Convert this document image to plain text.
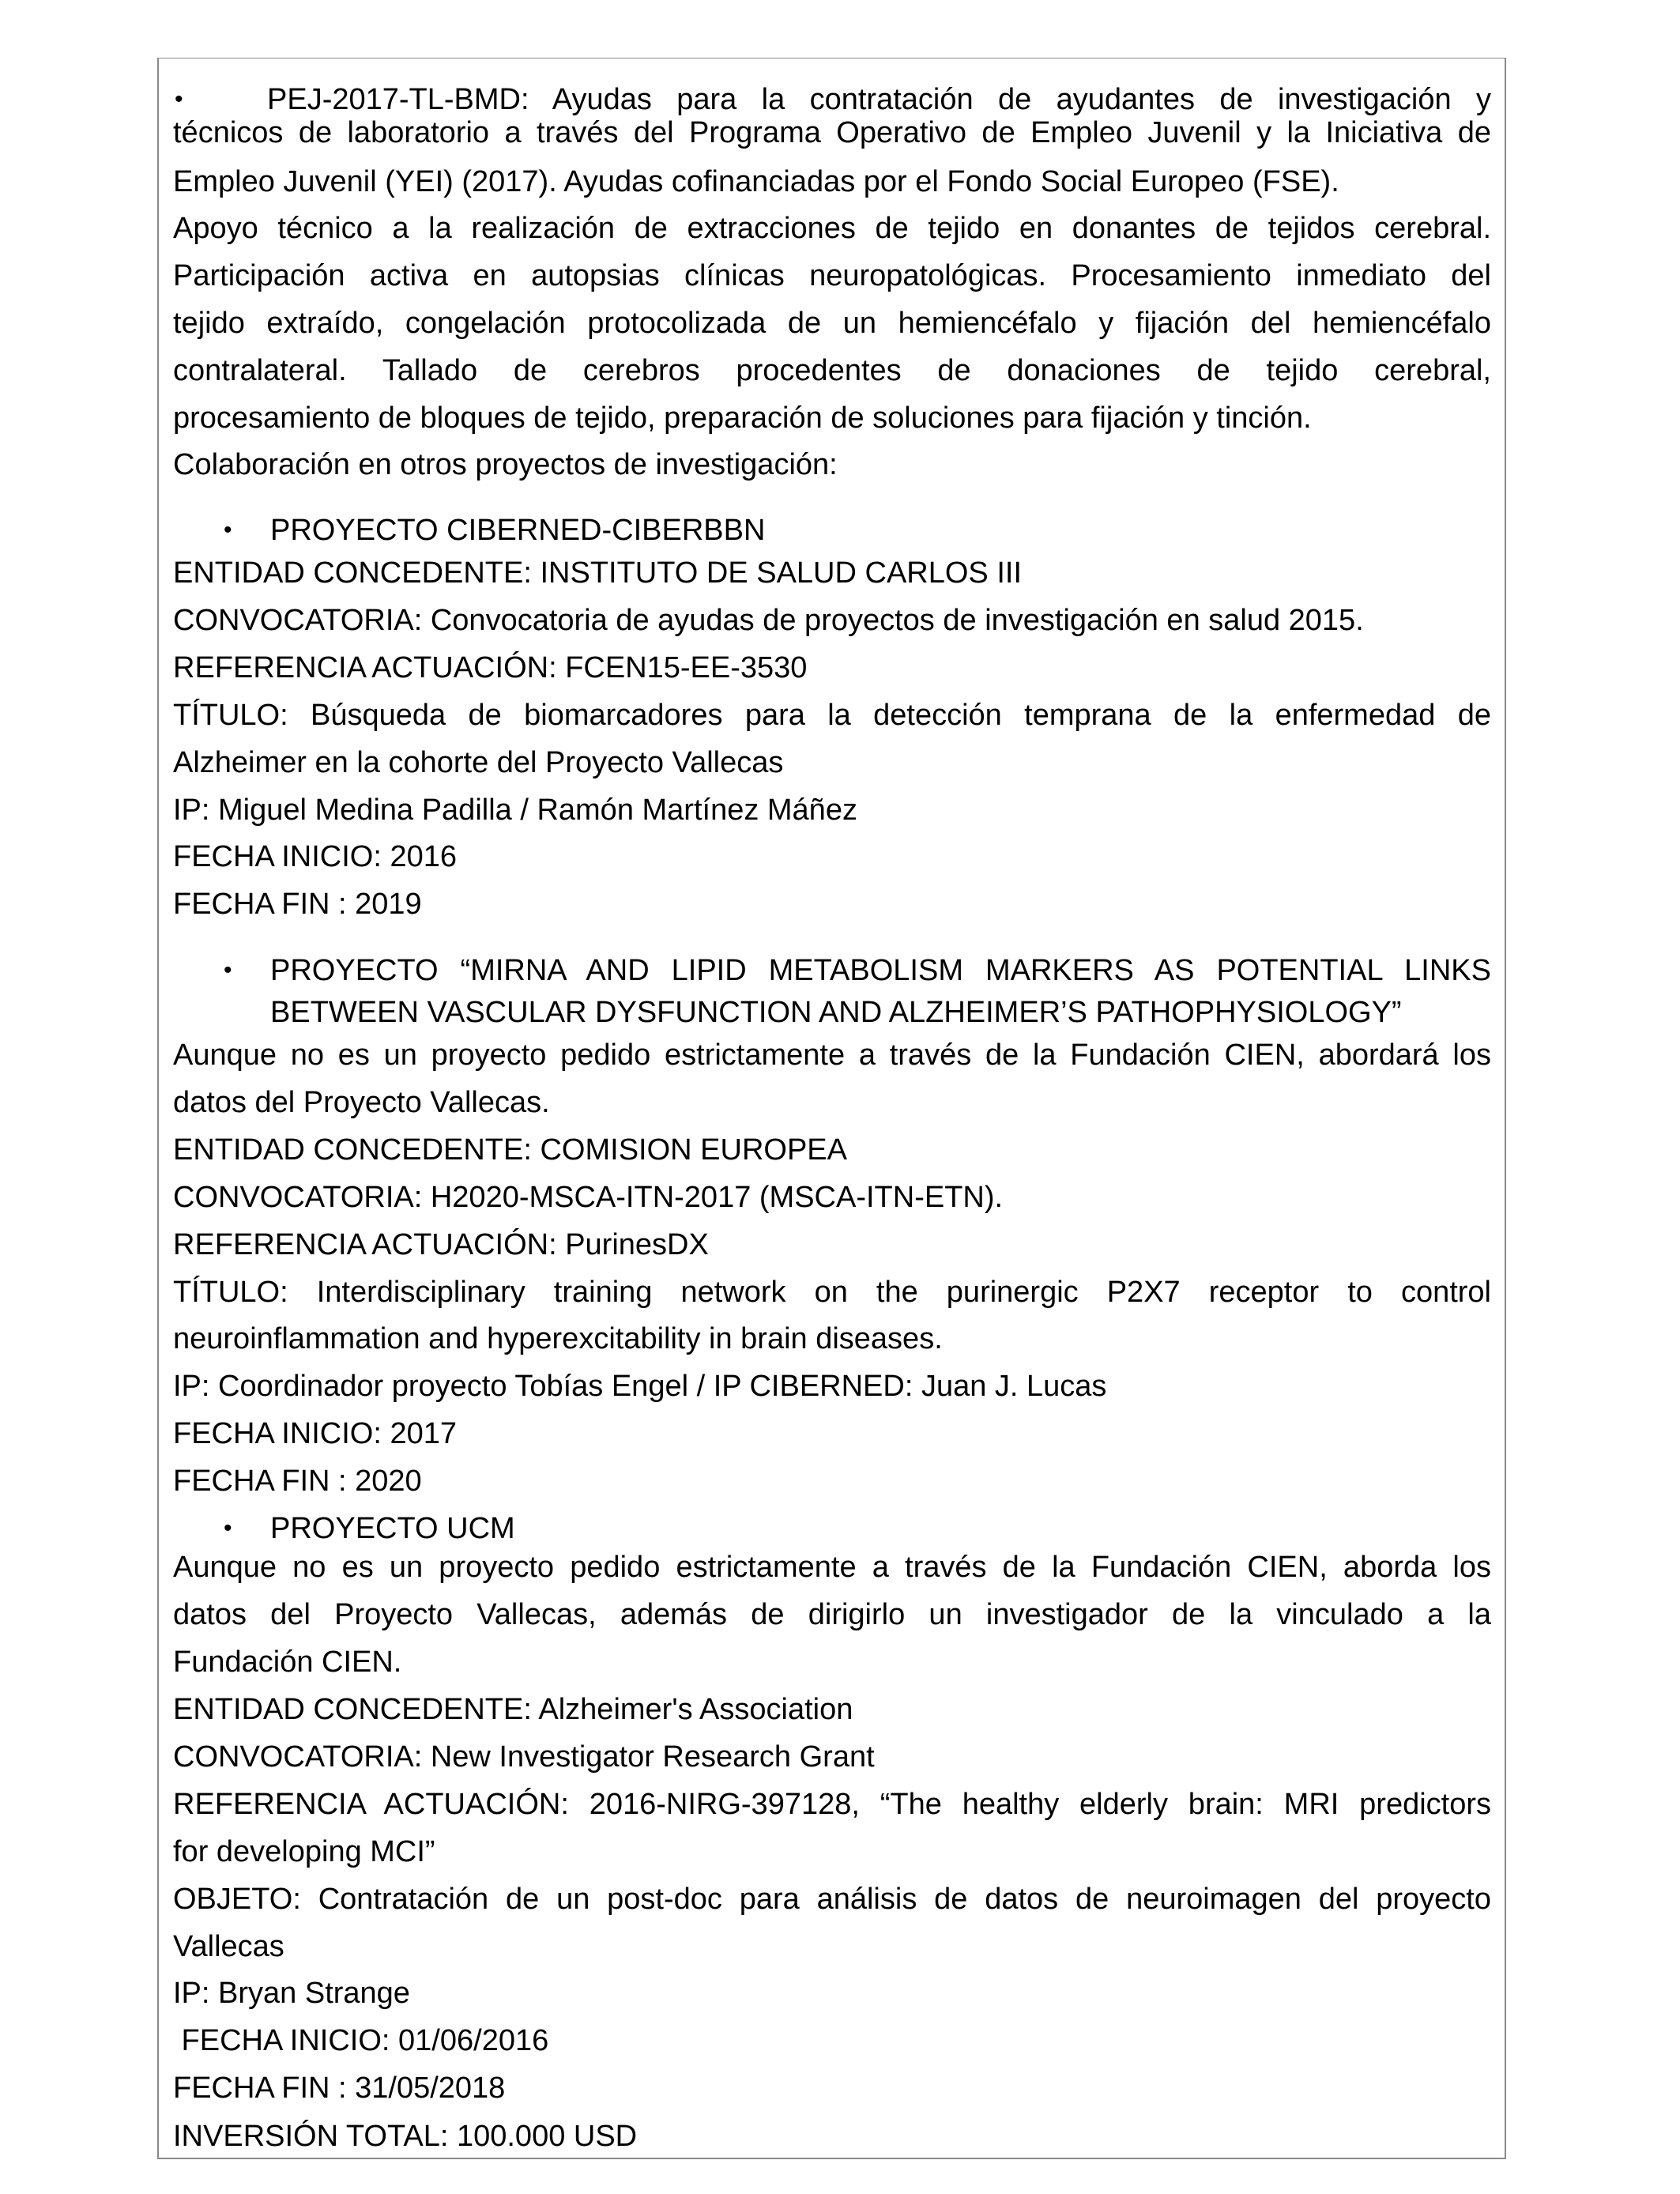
•	PEJ-2017-TL-BMD: Ayudas para la contratación de ayudantes de investigación y
técnicos de laboratorio a través del Programa Operativo de Empleo Juvenil y la Iniciativa de
Empleo Juvenil (YEI) (2017). Ayudas cofinanciadas por el Fondo Social Europeo (FSE).
Apoyo técnico a la realización de extracciones de tejido en donantes de tejidos cerebral.
Participación activa en autopsias clínicas neuropatológicas. Procesamiento inmediato del
tejido extraído, congelación protocolizada de un hemiencéfalo y fijación del hemiencéfalo
contralateral. Tallado de cerebros procedentes de donaciones de tejido cerebral,
procesamiento de bloques de tejido, preparación de soluciones para fijación y tinción.
Colaboración en otros proyectos de investigación:
• PROYECTO CIBERNED-CIBERBBN
ENTIDAD CONCEDENTE: INSTITUTO DE SALUD CARLOS III
CONVOCATORIA: Convocatoria de ayudas de proyectos de investigación en salud 2015.
REFERENCIA ACTUACIÓN: FCEN15-EE-3530
TÍTULO: Búsqueda de biomarcadores para la detección temprana de la enfermedad de
Alzheimer en la cohorte del Proyecto Vallecas
IP: Miguel Medina Padilla / Ramón Martínez Máñez
FECHA INICIO: 2016
FECHA FIN : 2019
• PROYECTO “MIRNA AND LIPID METABOLISM MARKERS AS POTENTIAL LINKS
BETWEEN VASCULAR DYSFUNCTION AND ALZHEIMER’S PATHOPHYSIOLOGY”
Aunque no es un proyecto pedido estrictamente a través de la Fundación CIEN, abordará los
datos del Proyecto Vallecas.
ENTIDAD CONCEDENTE: COMISION EUROPEA
CONVOCATORIA: H2020-MSCA-ITN-2017 (MSCA-ITN-ETN).
REFERENCIA ACTUACIÓN: PurinesDX
TÍTULO: Interdisciplinary training network on the purinergic P2X7 receptor to control
neuroinflammation and hyperexcitability in brain diseases.
IP: Coordinador proyecto Tobías Engel / IP CIBERNED: Juan J. Lucas
FECHA INICIO: 2017
FECHA FIN : 2020
• PROYECTO UCM
Aunque no es un proyecto pedido estrictamente a través de la Fundación CIEN, aborda los
datos del Proyecto Vallecas, además de dirigirlo un investigador de la vinculado a la
Fundación CIEN.
ENTIDAD CONCEDENTE: Alzheimer's Association
CONVOCATORIA: New Investigator Research Grant
REFERENCIA ACTUACIÓN: 2016-NIRG-397128, “The healthy elderly brain: MRI predictors
for developing MCI”
OBJETO: Contratación de un post-doc para análisis de datos de neuroimagen del proyecto
Vallecas
IP: Bryan Strange
FECHA INICIO: 01/06/2016
FECHA FIN : 31/05/2018
INVERSIÓN TOTAL: 100.000 USD
